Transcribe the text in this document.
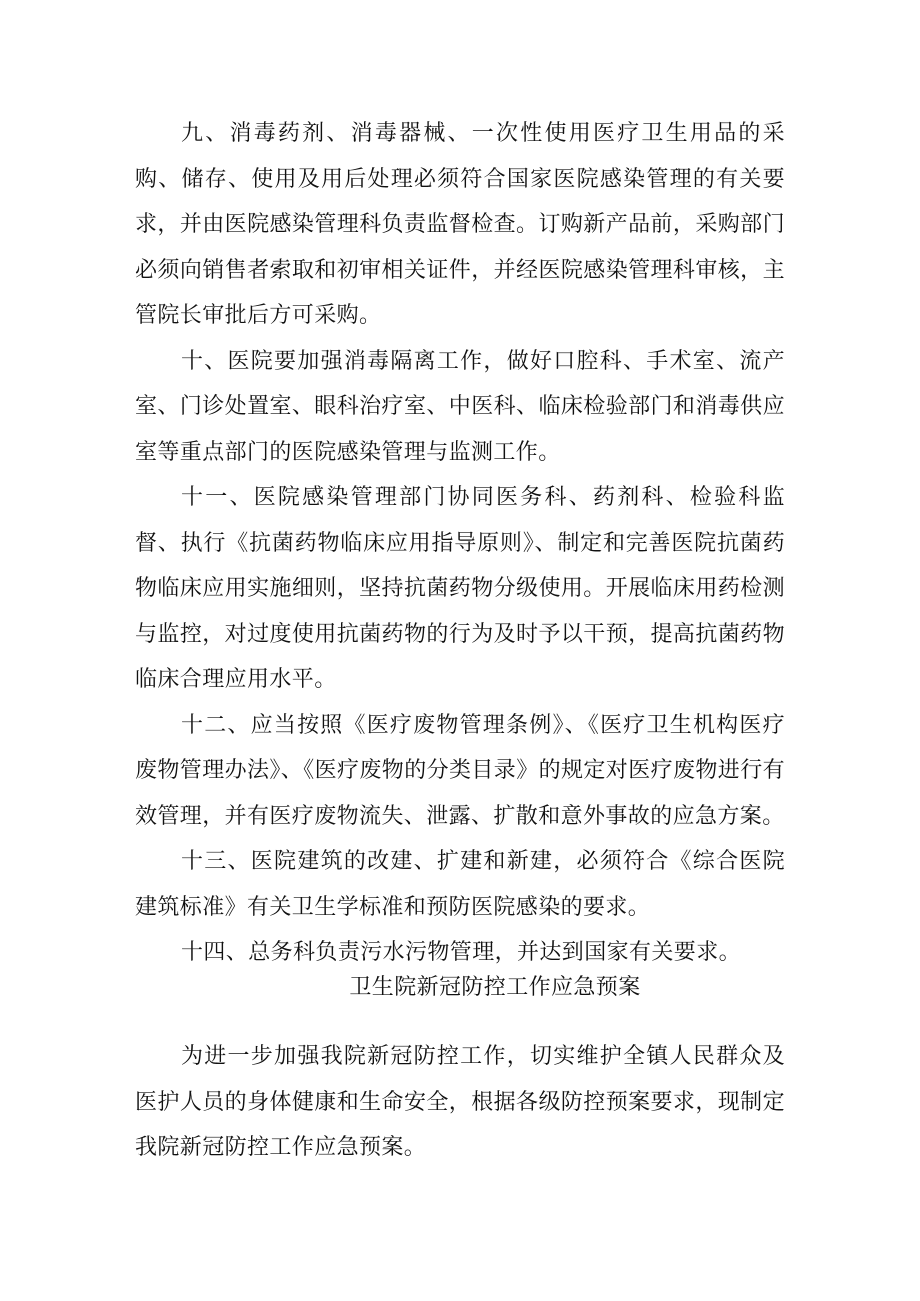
九、消毒药剂、消毒器械、一次性使用医疗卫生用品的采购、储存、使用及用后处理必须符合国家医院感染管理的有关要求，并由医院感染管理科负责监督检查。订购新产品前，采购部门必须向销售者索取和初审相关证件，并经医院感染管理科审核，主管院长审批后方可采购。

十、医院要加强消毒隔离工作，做好口腔科、手术室、流产室、门诊处置室、眼科治疗室、中医科、临床检验部门和消毒供应室等重点部门的医院感染管理与监测工作。

十一、医院感染管理部门协同医务科、药剂科、检验科监督、执行《抗菌药物临床应用指导原则》、制定和完善医院抗菌药物临床应用实施细则，坚持抗菌药物分级使用。开展临床用药检测与监控，对过度使用抗菌药物的行为及时予以干预，提高抗菌药物临床合理应用水平。

十二、应当按照《医疗废物管理条例》、《医疗卫生机构医疗废物管理办法》、《医疗废物的分类目录》的规定对医疗废物进行有效管理，并有医疗废物流失、泄露、扩散和意外事故的应急方案。

十三、医院建筑的改建、扩建和新建，必须符合《综合医院建筑标准》有关卫生学标准和预防医院感染的要求。

十四、总务科负责污水污物管理，并达到国家有关要求。

卫生院新冠防控工作应急预案

为进一步加强我院新冠防控工作，切实维护全镇人民群众及医护人员的身体健康和生命安全，根据各级防控预案要求，现制定我院新冠防控工作应急预案。
